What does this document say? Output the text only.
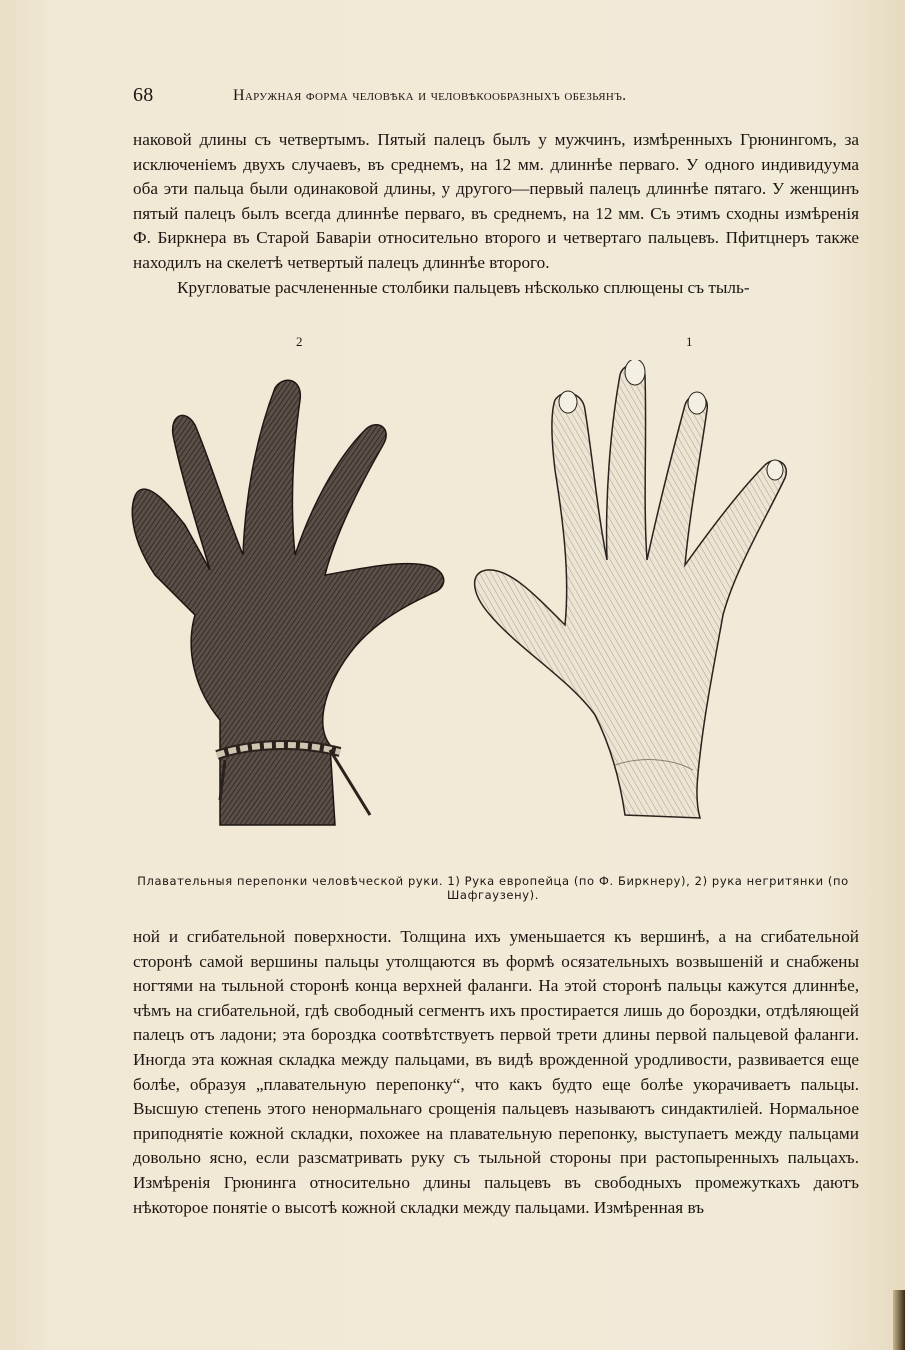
68	Наружная форма человѣка и человѣкообразныхъ обезьянъ.

наковой длины съ четвертымъ. Пятый палецъ былъ у мужчинъ, измѣренныхъ Грюнингомъ, за исключеніемъ двухъ случаевъ, въ среднемъ, на 12 мм. длиннѣе перваго. У одного индивидуума оба эти пальца были одинаковой длины, у другого—первый палецъ длиннѣе пятаго. У женщинъ пятый палецъ былъ всегда длиннѣе перваго, въ среднемъ, на 12 мм. Съ этимъ сходны измѣренія Ф. Биркнера въ Старой Баваріи относительно второго и четвертаго пальцевъ. Пфитцнеръ также находилъ на скелетѣ четвертый палецъ длиннѣе второго.

Кругловатые расчлененные столбики пальцевъ нѣсколько сплющены съ тыль-

2	1
Плавательныя перепонки человѣческой руки. 1) Рука европейца (по Ф. Биркнеру), 2) рука негритянки (по Шафгаузену).

ной и сгибательной поверхности. Толщина ихъ уменьшается къ вершинѣ, а на сгибательной сторонѣ самой вершины пальцы утолщаются въ формѣ осязательныхъ возвышеній и снабжены ногтями на тыльной сторонѣ конца верхней фаланги. На этой сторонѣ пальцы кажутся длиннѣе, чѣмъ на сгибательной, гдѣ свободный сегментъ ихъ простирается лишь до бороздки, отдѣляющей палецъ отъ ладони; эта бороздка соотвѣтствуетъ первой трети длины первой пальцевой фаланги. Иногда эта кожная складка между пальцами, въ видѣ врожденной уродливости, развивается еще болѣе, образуя „плавательную перепонку“, что какъ будто еще болѣе укорачиваетъ пальцы. Высшую степень этого ненормальнаго срощенія пальцевъ называютъ синдактиліей. Нормальное приподнятіе кожной складки, похожее на плавательную перепонку, выступаетъ между пальцами довольно ясно, если разсматривать руку съ тыльной стороны при растопыренныхъ пальцахъ. Измѣренія Грюнинга относительно длины пальцевъ въ свободныхъ промежуткахъ даютъ нѣкоторое понятіе о высотѣ кожной складки между пальцами. Измѣренная въ
